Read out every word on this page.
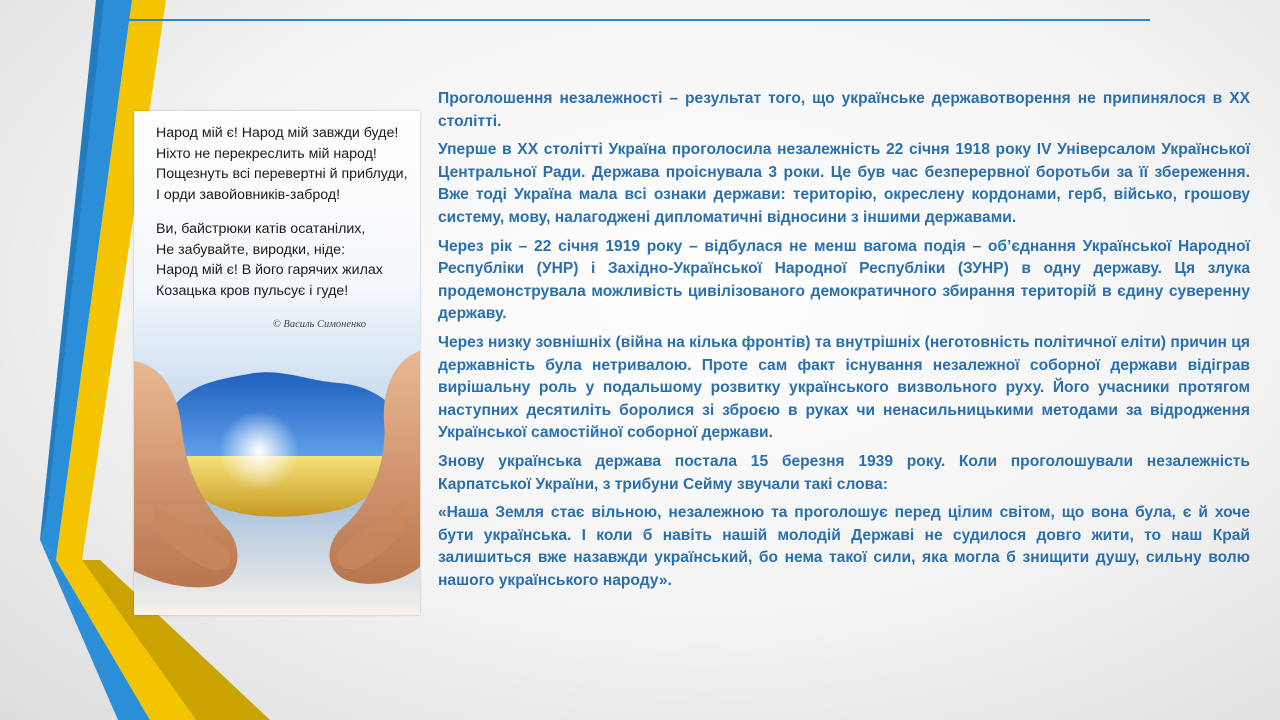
Народ мій є! Народ мій завжди буде!
Ніхто не перекреслить мій народ!
Пощезнуть всі перевертні й приблуди,
І орди завойовників-заброд!
Ви, байстрюки катів осатанілих,
Не забувайте, виродки, ніде:
Народ мій є! В його гарячих жилах
Козацька кров пульсує і гуде!
© Василь Симоненко

Проголошення незалежності – результат того, що українське державотворення не припинялося в XX столітті.

Уперше в XX столітті Україна проголосила незалежність 22 січня 1918 року IV Універсалом Української Центральної Ради. Держава проіснувала 3 роки. Це був час безперервної боротьби за її збереження. Вже тоді Україна мала всі ознаки держави: територію, окреслену кордонами, герб, військо, грошову систему, мову, налагоджені дипломатичні відносини з іншими державами.

Через рік – 22 січня 1919 року – відбулася не менш вагома подія – об’єднання Української Народної Республіки (УНР) і Західно-Української Народної Республіки (ЗУНР) в одну державу. Ця злука продемонструвала можливість цивілізованого демократичного збирання територій в єдину суверенну державу.

Через низку зовнішніх (війна на кілька фронтів) та внутрішніх (неготовність політичної еліти) причин ця державність була нетривалою. Проте сам факт існування незалежної соборної держави відіграв вирішальну роль у подальшому розвитку українського визвольного руху. Його учасники протягом наступних десятиліть боролися зі зброєю в руках чи ненасильницькими методами за відродження Української самостійної соборної держави.

Знову українська держава постала 15 березня 1939 року. Коли проголошували незалежність Карпатської України, з трибуни Сейму звучали такі слова:

«Наша Земля стає вільною, незалежною та проголошує перед цілим світом, що вона була, є й хоче бути українська. І коли б навіть нашій молодій Державі не судилося довго жити, то наш Край залишиться вже назавжди український, бо нема такої сили, яка могла б знищити душу, сильну волю нашого українського народу».
